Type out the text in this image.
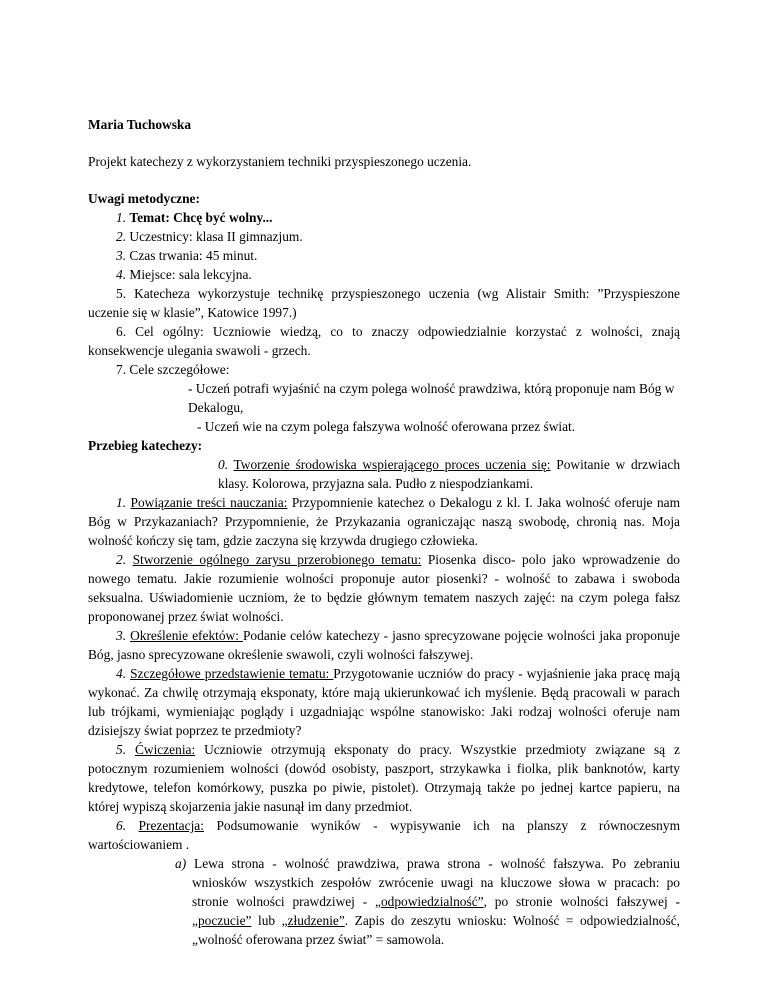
Maria Tuchowska

Projekt katechezy z wykorzystaniem techniki przyspieszonego uczenia.

Uwagi metodyczne:

1. Temat: Chcę być wolny...

2. Uczestnicy: klasa II gimnazjum.

3. Czas trwania: 45 minut.

4. Miejsce: sala lekcyjna.

5. Katecheza wykorzystuje technikę przyspieszonego uczenia (wg Alistair Smith: ”Przyspieszone uczenie się w klasie”, Katowice 1997.)

6. Cel ogólny: Uczniowie wiedzą, co to znaczy odpowiedzialnie korzystać z wolności, znają konsekwencje ulegania swawoli - grzech.

7. Cele szczegółowe:

- Uczeń potrafi wyjaśnić na czym polega wolność prawdziwa, którą proponuje nam Bóg w Dekalogu,

- Uczeń wie na czym polega fałszywa wolność oferowana przez świat.

Przebieg katechezy:

0. Tworzenie środowiska wspierającego proces uczenia się: Powitanie w drzwiach klasy. Kolorowa, przyjazna sala. Pudło z niespodziankami.

1. Powiązanie treści nauczania: Przypomnienie katechez o Dekalogu z kl. I. Jaka wolność oferuje nam Bóg w Przykazaniach? Przypomnienie, że Przykazania ograniczając naszą swobodę, chronią nas. Moja wolność kończy się tam, gdzie zaczyna się krzywda drugiego człowieka.

2. Stworzenie ogólnego zarysu przerobionego tematu: Piosenka disco- polo jako wprowadzenie do nowego tematu. Jakie rozumienie wolności proponuje autor piosenki? - wolność to zabawa i swoboda seksualna. Uświadomienie uczniom, że to będzie głównym tematem naszych zajęć: na czym polega fałsz proponowanej przez świat wolności.

3. Określenie efektów: Podanie celów katechezy - jasno sprecyzowane pojęcie wolności jaka proponuje Bóg, jasno sprecyzowane określenie swawoli, czyli wolności fałszywej.

4. Szczegółowe przedstawienie tematu: Przygotowanie uczniów do pracy - wyjaśnienie jaka pracę mają wykonać. Za chwilę otrzymają eksponaty, które mają ukierunkować ich myślenie. Będą pracowali w parach lub trójkami, wymieniając poglądy i uzgadniając wspólne stanowisko: Jaki rodzaj wolności oferuje nam dzisiejszy świat poprzez te przedmioty?

5. Ćwiczenia: Uczniowie otrzymują eksponaty do pracy. Wszystkie przedmioty związane są z potocznym rozumieniem wolności (dowód osobisty, paszport, strzykawka i fiolka, plik banknotów, karty kredytowe, telefon komórkowy, puszka po piwie, pistolet). Otrzymają także po jednej kartce papieru, na której wypiszą skojarzenia jakie nasunął im dany przedmiot.

6. Prezentacja: Podsumowanie wyników - wypisywanie ich na planszy z równoczesnym wartościowaniem .

a) Lewa strona - wolność prawdziwa, prawa strona - wolność fałszywa. Po zebraniu wniosków wszystkich zespołów zwrócenie uwagi na kluczowe słowa w pracach: po stronie wolności prawdziwej - „odpowiedzialność”, po stronie wolności fałszywej - „poczucie” lub „złudzenie”. Zapis do zeszytu wniosku: Wolność = odpowiedzialność, „wolność oferowana przez świat” = samowola.
